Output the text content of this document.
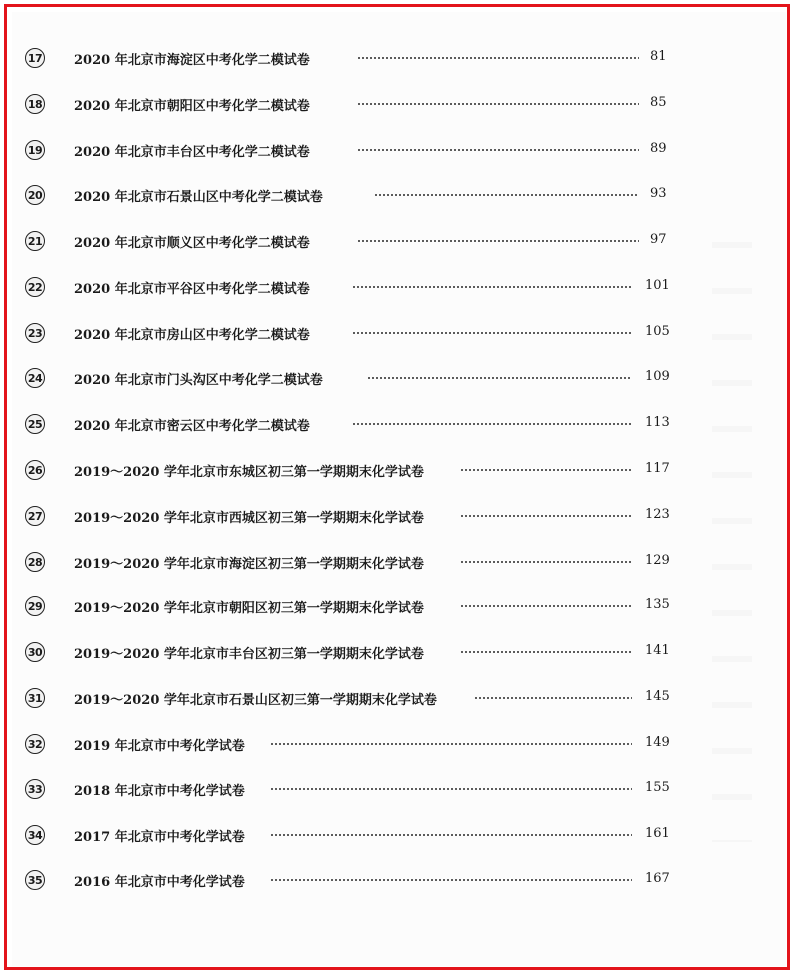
17 2020 年北京市海淀区中考化学二模试卷	81
18 2020 年北京市朝阳区中考化学二模试卷	85
19 2020 年北京市丰台区中考化学二模试卷	89
20 2020 年北京市石景山区中考化学二模试卷	93
21 2020 年北京市顺义区中考化学二模试卷	97
22 2020 年北京市平谷区中考化学二模试卷	101
23 2020 年北京市房山区中考化学二模试卷	105
24 2020 年北京市门头沟区中考化学二模试卷	109
25 2020 年北京市密云区中考化学二模试卷	113
26 2019～2020 学年北京市东城区初三第一学期期末化学试卷	117
27 2019～2020 学年北京市西城区初三第一学期期末化学试卷	123
28 2019～2020 学年北京市海淀区初三第一学期期末化学试卷	129
29 2019～2020 学年北京市朝阳区初三第一学期期末化学试卷	135
30 2019～2020 学年北京市丰台区初三第一学期期末化学试卷	141
31 2019～2020 学年北京市石景山区初三第一学期期末化学试卷	145
32 2019 年北京市中考化学试卷	149
33 2018 年北京市中考化学试卷	155
34 2017 年北京市中考化学试卷	161
35 2016 年北京市中考化学试卷	167
